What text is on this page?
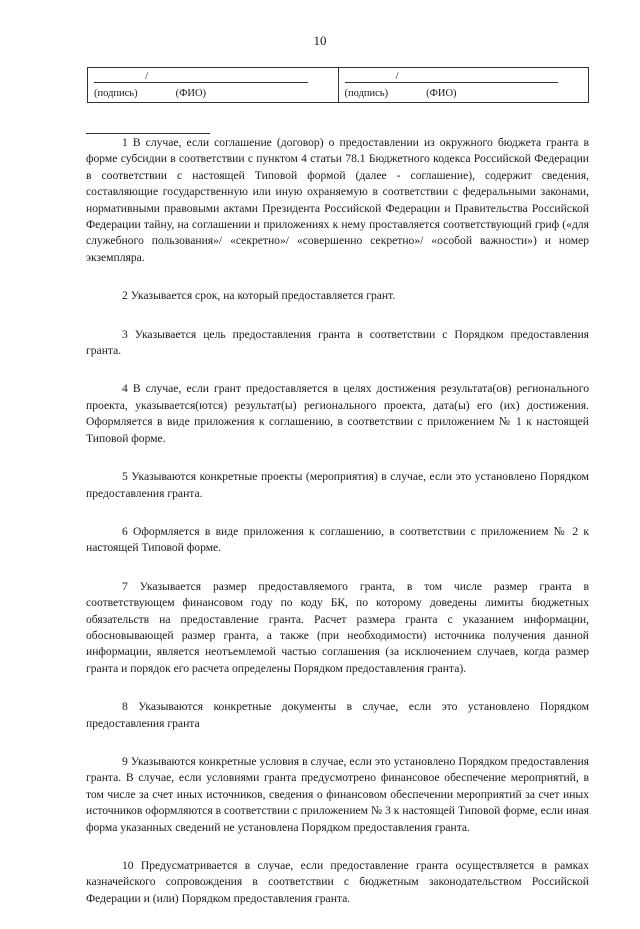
10
/
(подпись)	(ФИО)

/
(подпись)	(ФИО)

1 В случае, если соглашение (договор) о предоставлении из окружного бюджета гранта в форме субсидии в соответствии с пунктом 4 статьи 78.1 Бюджетного кодекса Российской Федерации в соответствии с настоящей Типовой формой (далее - соглашение), содержит сведения, составляющие государственную или иную охраняемую в соответствии с федеральными законами, нормативными правовыми актами Президента Российской Федерации и Правительства Российской Федерации тайну, на соглашении и приложениях к нему проставляется соответствующий гриф («для служебного пользования»/ «секретно»/ «совершенно секретно»/ «особой важности») и номер экземпляра.

2 Указывается срок, на который предоставляется грант.

3 Указывается цель предоставления гранта в соответствии с Порядком предоставления гранта.

4 В случае, если грант предоставляется в целях достижения результата(ов) регионального проекта, указывается(ются) результат(ы) регионального проекта, дата(ы) его (их) достижения. Оформляется в виде приложения к соглашению, в соответствии с приложением № 1 к настоящей Типовой форме.

5 Указываются конкретные проекты (мероприятия) в случае, если это установлено Порядком предоставления гранта.

6 Оформляется в виде приложения к соглашению, в соответствии с приложением № 2 к настоящей Типовой форме.

7 Указывается размер предоставляемого гранта, в том числе размер гранта в соответствующем финансовом году по коду БК, по которому доведены лимиты бюджетных обязательств на предоставление гранта. Расчет размера гранта с указанием информации, обосновывающей размер гранта, а также (при необходимости) источника получения данной информации, является неотъемлемой частью соглашения (за исключением случаев, когда размер гранта и порядок его расчета определены Порядком предоставления гранта).

8 Указываются конкретные документы в случае, если это установлено Порядком предоставления гранта

9 Указываются конкретные условия в случае, если это установлено Порядком предоставления гранта. В случае, если условиями гранта предусмотрено финансовое обеспечение мероприятий, в том числе за счет иных источников, сведения о финансовом обеспечении мероприятий за счет иных источников оформляются в соответствии с приложением № 3 к настоящей Типовой форме, если иная форма указанных сведений не установлена Порядком предоставления гранта.

10 Предусматривается в случае, если предоставление гранта осуществляется в рамках казначейского сопровождения в соответствии с бюджетным законодательством Российской Федерации и (или) Порядком предоставления гранта.
